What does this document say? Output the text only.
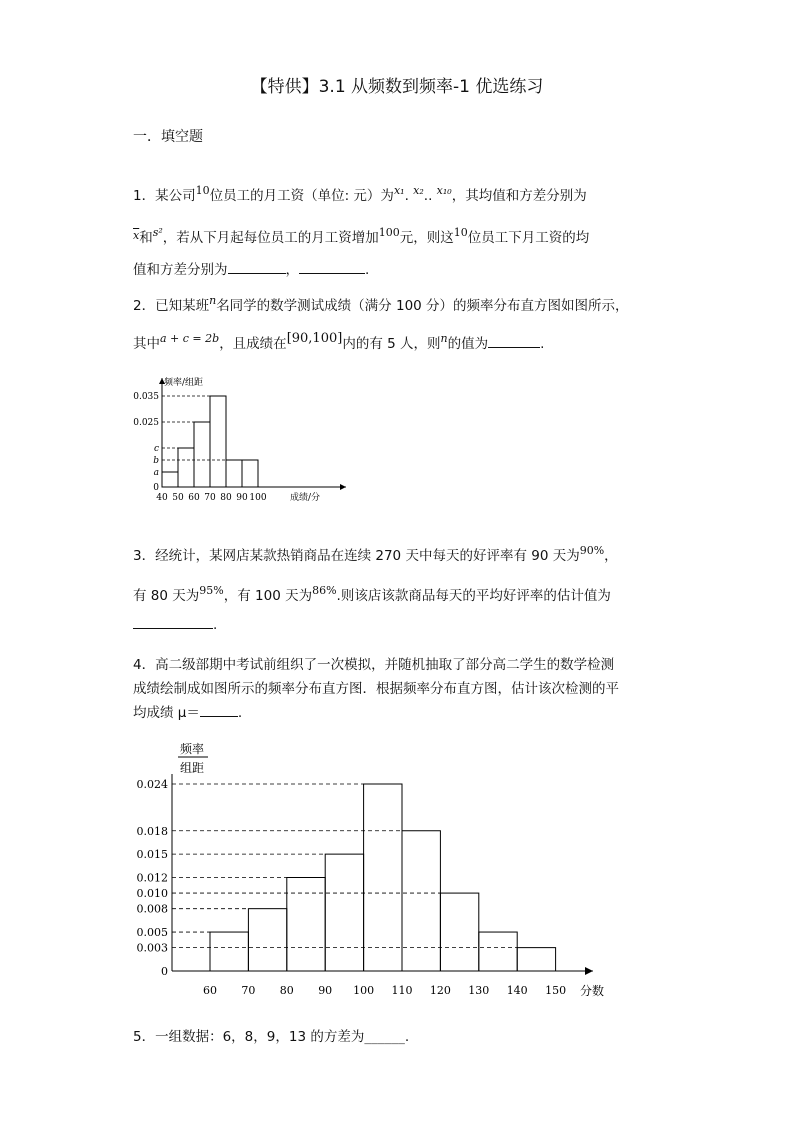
【特供】3.1 从频数到频率-1 优选练习
一．填空题
1．某公司$^{10}$位员工的月工资（单位: 元）为$^{x_1}$. $^{x_2}$.. $^{x_{10}}$，其均值和方差分别为
$^{\overline{x}}$和$^{s^2}$，若从下月起每位员工的月工资增加$^{100}$元，则这$^{10}$位员工下月工资的均
值和方差分别为	，	.
2．已知某班$^n$名同学的数学测试成绩（满分 100 分）的频率分布直方图如图所示，
其中$^{a + c = 2b}$，且成绩在[90,100]内的有 5 人，则$^n$的值为	.
0.035
0.025
c
b
a
0
40 50 60 70 80 90 100
频率/组距
成绩/分
3．经统计，某网店某款热销商品在连续 270 天中每天的好评率有 90 天为$^{90\%}$，
有 80 天为$^{95\%}$，有 100 天为$^{86\%}$.则该店该款商品每天的平均好评率的估计值为
.
4．高二级部期中考试前组织了一次模拟，并随机抽取了部分高二学生的数学检测
成绩绘制成如图所示的频率分布直方图．根据频率分布直方图，估计该次检测的平
均成绩 μ＝	.
0
0.003
0.005
0.008
0.010
0.012
0.015
0.018
0.024
60 70 80 90 100 110 120 130 140 150
频率
组距
分数
5．一组数据：6，8，9，13 的方差为______.
